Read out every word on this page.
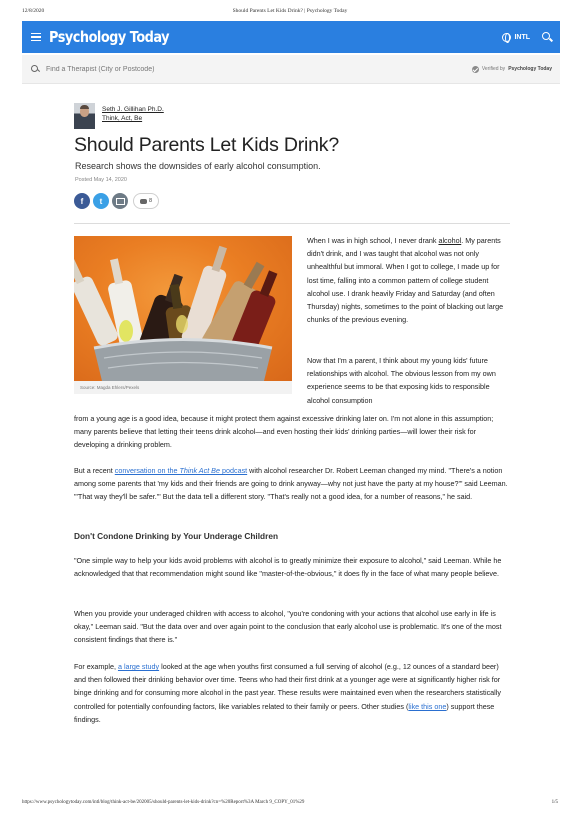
12/8/2020	Should Parents Let Kids Drink? | Psychology Today
Psychology Today	INTL
Find a Therapist (City or Postcode)
Verified by Psychology Today
Seth J. Gillihan Ph.D.
Think, Act, Be
Should Parents Let Kids Drink?
Research shows the downsides of early alcohol consumption.
Posted May 14, 2020
f t	8
Source: Magda Ehlers/Pexels
When I was in high school, I never drank alcohol. My parents didn't drink, and I was taught that alcohol was not only unhealthful but immoral. When I got to college, I made up for lost time, falling into a common pattern of college student alcohol use. I drank heavily Friday and Saturday (and often Thursday) nights, sometimes to the point of blacking out large chunks of the previous evening.
Now that I'm a parent, I think about my young kids' future relationships with alcohol. The obvious lesson from my own experience seems to be that exposing kids to responsible alcohol consumption
from a young age is a good idea, because it might protect them against excessive drinking later on. I'm not alone in this assumption; many parents believe that letting their teens drink alcohol—and even hosting their kids' drinking parties—will lower their risk for developing a drinking problem.
But a recent conversation on the Think Act Be podcast with alcohol researcher Dr. Robert Leeman changed my mind. "There's a notion among some parents that 'my kids and their friends are going to drink anyway—why not just have the party at my house?'" said Leeman. "'That way they'll be safer.'" But the data tell a different story. "That's really not a good idea, for a number of reasons," he said.
Don't Condone Drinking by Your Underage Children
"One simple way to help your kids avoid problems with alcohol is to greatly minimize their exposure to alcohol," said Leeman. While he acknowledged that that recommendation might sound like "master-of-the-obvious," it does fly in the face of what many people believe.
When you provide your underaged children with access to alcohol, "you're condoning with your actions that alcohol use early in life is okay," Leeman said. "But the data over and over again point to the conclusion that early alcohol use is problematic. It's one of the most consistent findings that there is."
For example, a large study looked at the age when youths first consumed a full serving of alcohol (e.g., 12 ounces of a standard beer) and then followed their drinking behavior over time. Teens who had their first drink at a younger age were at significantly higher risk for binge drinking and for consuming more alcohol in the past year. These results were maintained even when the researchers statistically controlled for potentially confounding factors, like variables related to their family or peers. Other studies (like this one) support these findings.
https://www.psychologytoday.com/intl/blog/think-act-be/202005/should-parents-let-kids-drink?cn=%20Report%3A March 9_COPY_01%29	1/5
